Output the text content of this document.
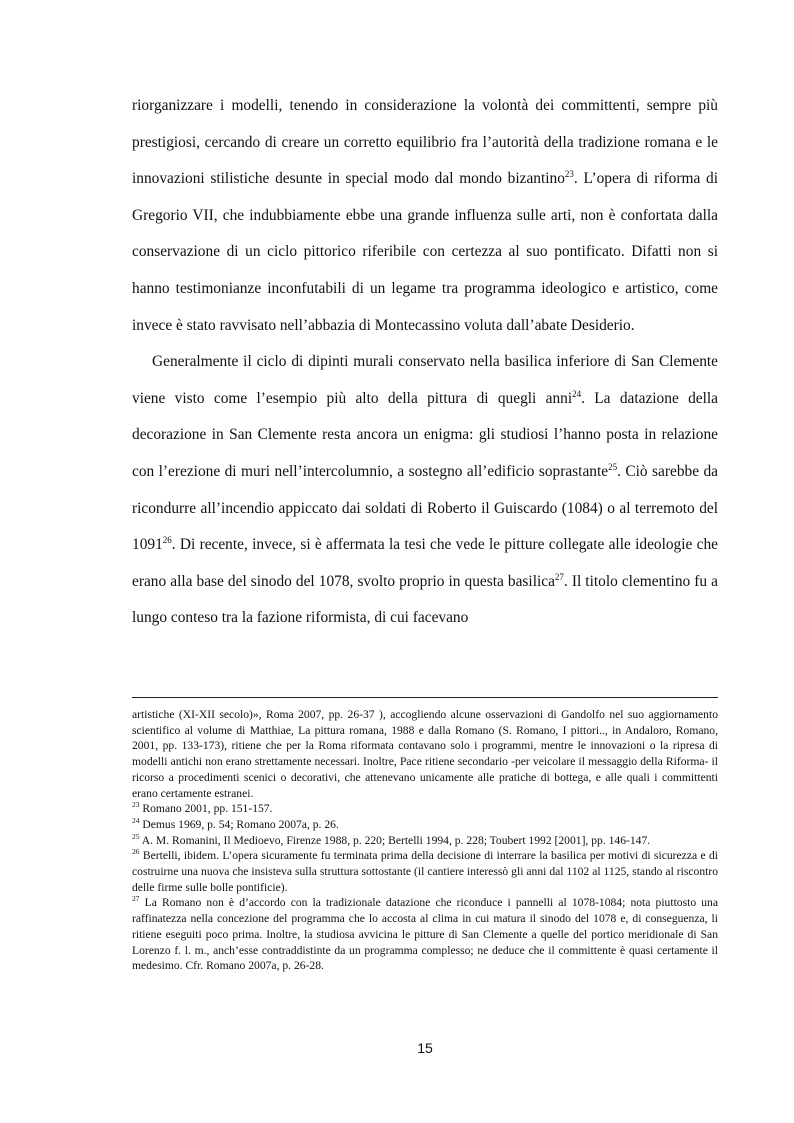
riorganizzare i modelli, tenendo in considerazione la volontà dei committenti, sempre più prestigiosi, cercando di creare un corretto equilibrio fra l’autorità della tradizione romana e le innovazioni stilistiche desunte in special modo dal mondo bizantino$^{23}$. L’opera di riforma di Gregorio VII, che indubbiamente ebbe una grande influenza sulle arti, non è confortata dalla conservazione di un ciclo pittorico riferibile con certezza al suo pontificato. Difatti non si hanno testimonianze inconfutabili di un legame tra programma ideologico e artistico, come invece è stato ravvisato nell’abbazia di Montecassino voluta dall’abate Desiderio.

Generalmente il ciclo di dipinti murali conservato nella basilica inferiore di San Clemente viene visto come l’esempio più alto della pittura di quegli anni$^{24}$. La datazione della decorazione in San Clemente resta ancora un enigma: gli studiosi l’hanno posta in relazione con l’erezione di muri nell’intercolumnio, a sostegno all’edificio soprastante$^{25}$. Ciò sarebbe da ricondurre all’incendio appiccato dai soldati di Roberto il Guiscardo (1084) o al terremoto del 1091$^{26}$. Di recente, invece, si è affermata la tesi che vede le pitture collegate alle ideologie che erano alla base del sinodo del 1078, svolto proprio in questa basilica$^{27}$. Il titolo clementino fu a lungo conteso tra la fazione riformista, di cui facevano

artistiche (XI-XII secolo)», Roma 2007, pp. 26-37 ), accogliendo alcune osservazioni di Gandolfo nel suo aggiornamento scientifico al volume di Matthiae, La pittura romana, 1988 e dalla Romano (S. Romano, I pittori.., in Andaloro, Romano, 2001, pp. 133-173), ritiene che per la Roma riformata contavano solo i programmi, mentre le innovazioni o la ripresa di modelli antichi non erano strettamente necessari. Inoltre, Pace ritiene secondario -per veicolare il messaggio della Riforma- il ricorso a procedimenti scenici o decorativi, che attenevano unicamente alle pratiche di bottega, e alle quali i committenti erano certamente estranei.

$^{23}$ Romano 2001, pp. 151-157.

$^{24}$ Demus 1969, p. 54; Romano 2007a, p. 26.

$^{25}$ A. M. Romanini, Il Medioevo, Firenze 1988, p. 220; Bertelli 1994, p. 228; Toubert 1992 [2001], pp. 146-147.

$^{26}$ Bertelli, ibidem. L’opera sicuramente fu terminata prima della decisione di interrare la basilica per motivi di sicurezza e di costruirne una nuova che insisteva sulla struttura sottostante (il cantiere interessò gli anni dal 1102 al 1125, stando al riscontro delle firme sulle bolle pontificie).

$^{27}$ La Romano non è d’accordo con la tradizionale datazione che riconduce i pannelli al 1078-1084; nota piuttosto una raffinatezza nella concezione del programma che lo accosta al clima in cui matura il sinodo del 1078 e, di conseguenza, li ritiene eseguiti poco prima. Inoltre, la studiosa avvicina le pitture di San Clemente a quelle del portico meridionale di San Lorenzo f. l. m., anch’esse contraddistinte da un programma complesso; ne deduce che il committente è quasi certamente il medesimo. Cfr. Romano 2007a, p. 26-28.

15
